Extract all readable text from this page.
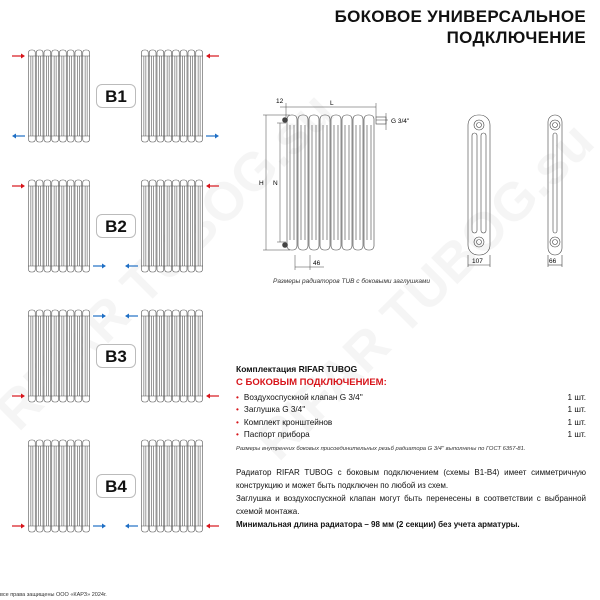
БОКОВОЕ УНИВЕРСАЛЬНОЕ
ПОДКЛЮЧЕНИЕ
B1
B2
B3
B4
12	L
H N
46
G 3/4''
107	66
Размеры радиаторов TUB с боковыми заглушками
Комплектация RIFAR TUBOG
С БОКОВЫМ ПОДКЛЮЧЕНИЕМ:
• Воздухоспускной клапан G 3/4''	1 шт.
• Заглушка G 3/4''	1 шт.
• Комплект кронштейнов	1 шт.
• Паспорт прибора	1 шт.
Размеры внутренних боковых присоединительных резьб радиатора G 3/4'' выполнены по ГОСТ 6357-81.
Радиатор RIFAR TUBOG с боковым подключением (схемы B1-B4) имеет симметричную конструкцию и может быть подключен по любой из схем.
Заглушка и воздухоспускной клапан могут быть перенесены в соответствии с выбранной схемой монтажа.
Минимальная длина радиатора – 98 мм (2 секции) без учета арматуры.
все права защищены ООО «КАРЗ» 2024г.
